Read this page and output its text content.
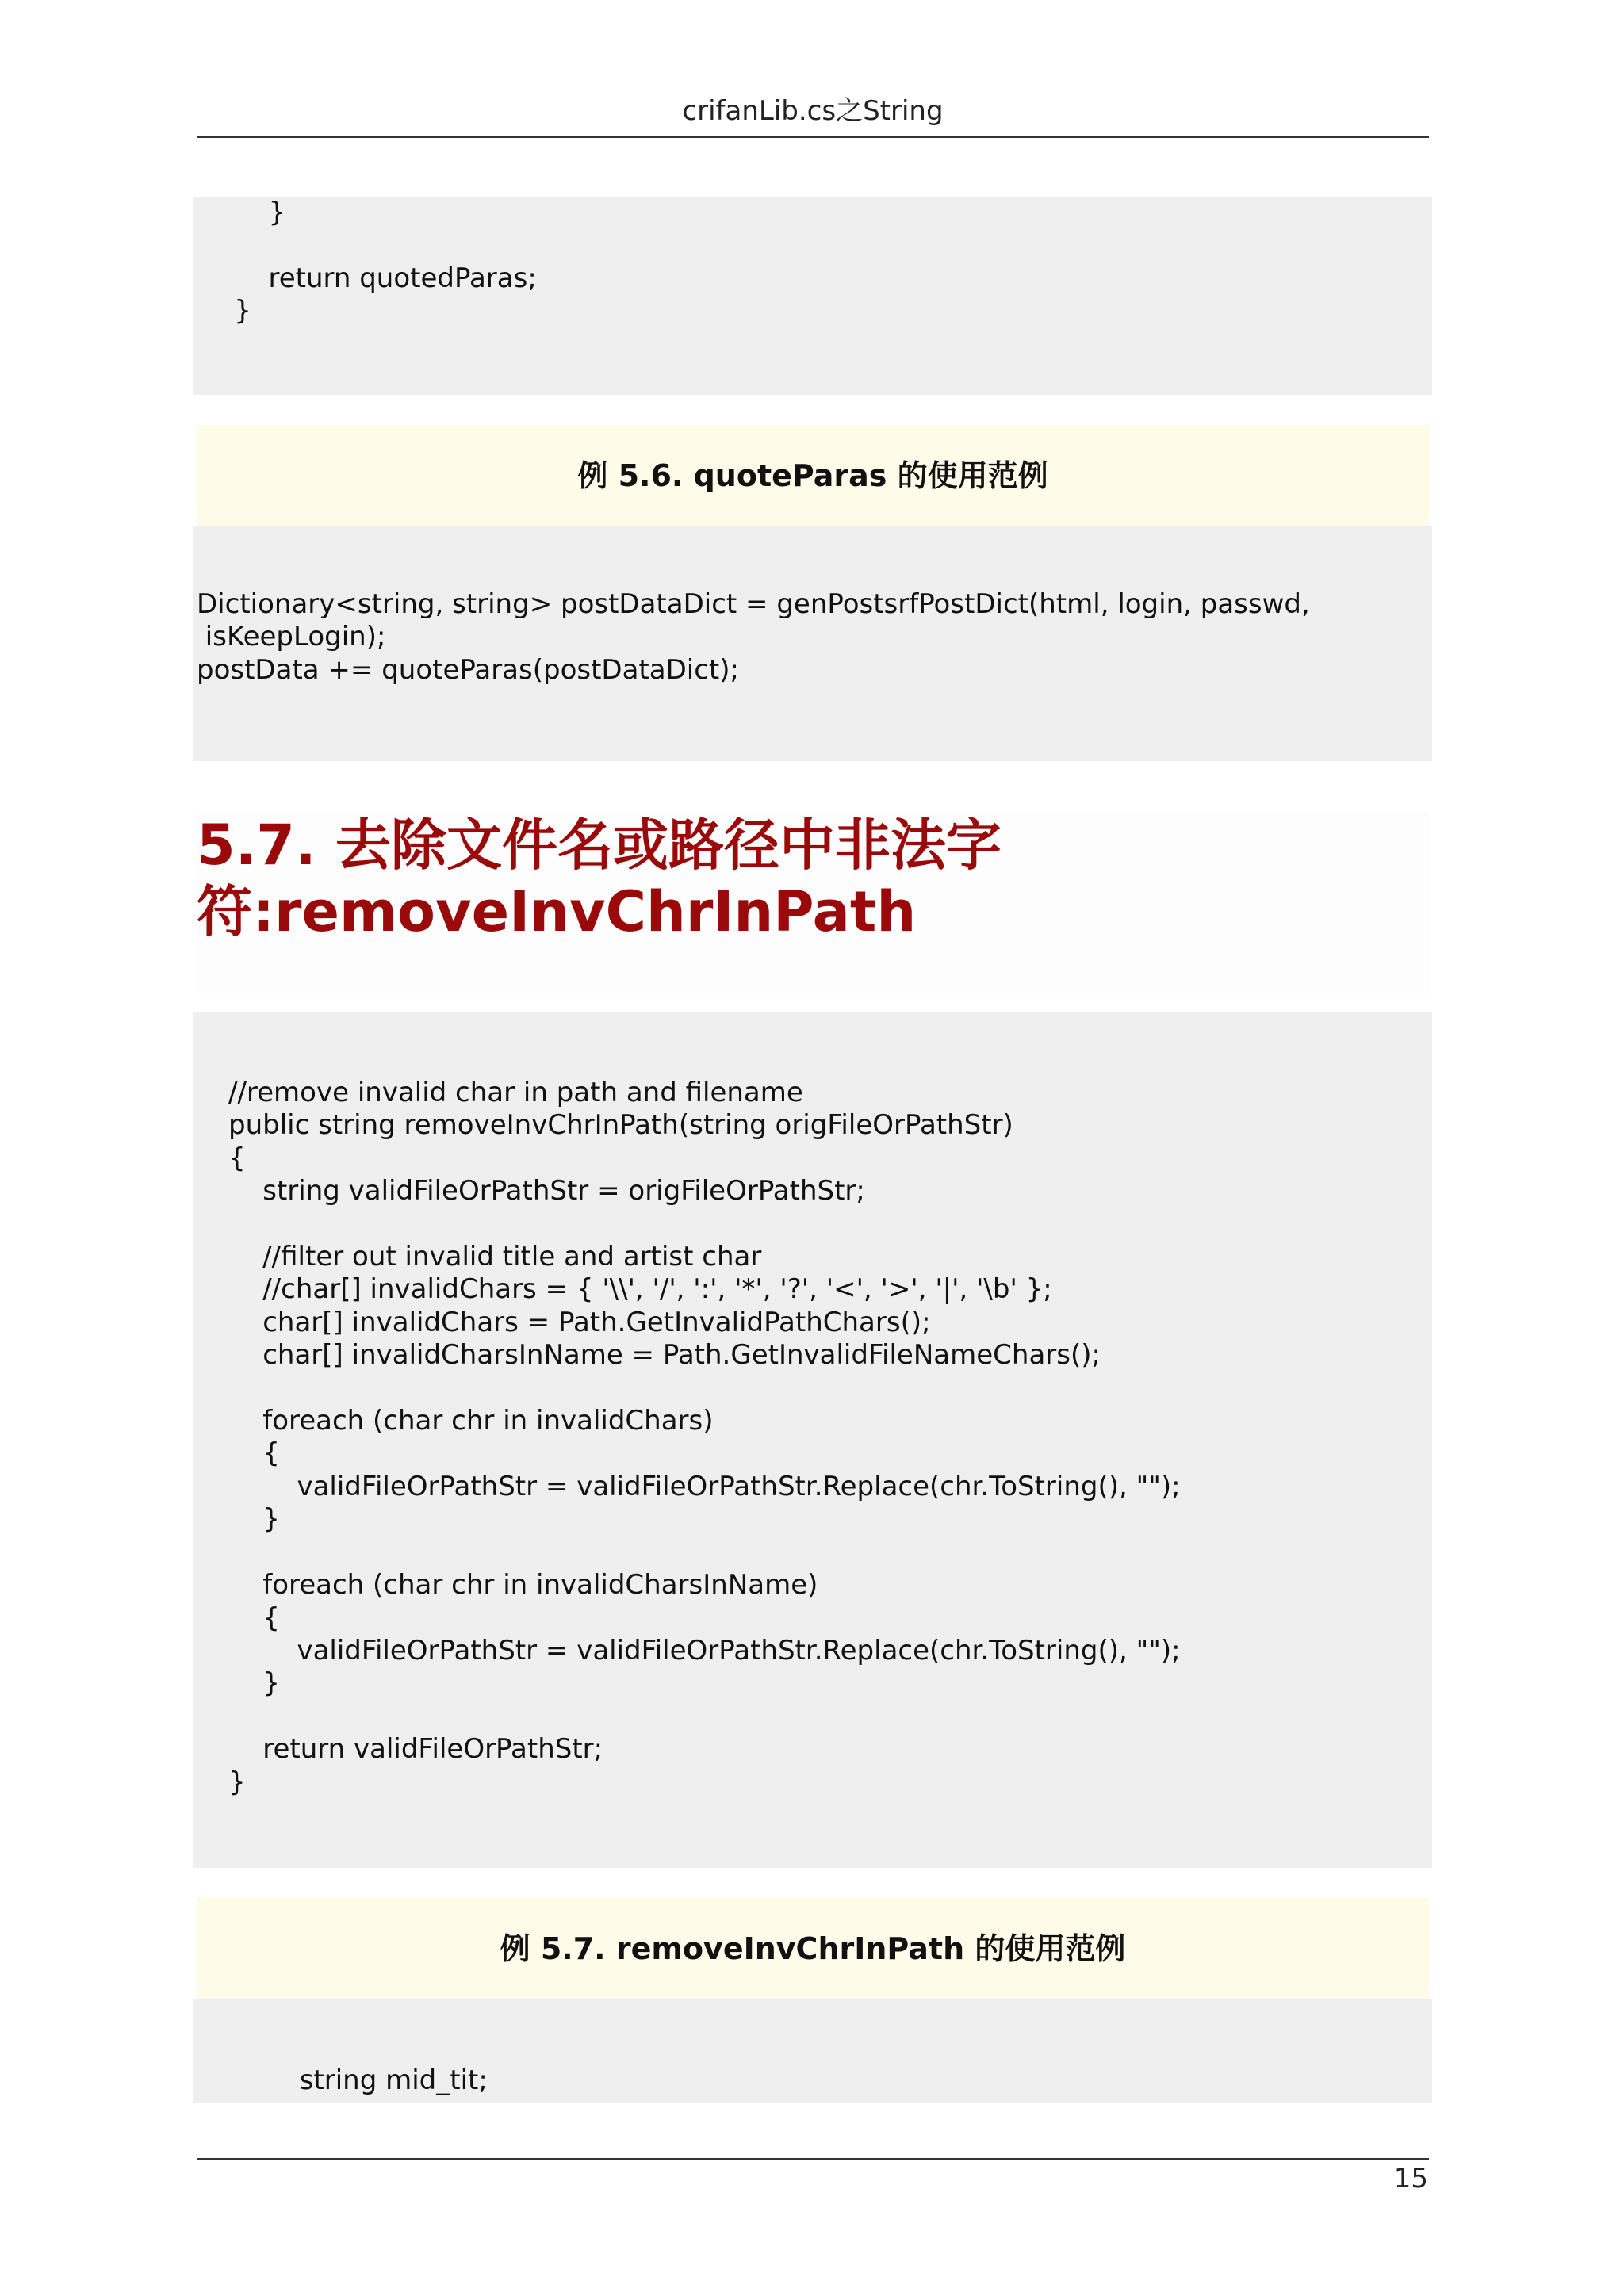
crifanLib.cs之String
}

return quotedParas;
}
例 5.6. quoteParas 的使用范例
Dictionary<string, string> postDataDict = genPostsrfPostDict(html, login, passwd,
isKeepLogin);
postData += quoteParas(postDataDict);
5.7. 去除文件名或路径中非法字
符:removeInvChrInPath
//remove invalid char in path and filename
public string removeInvChrInPath(string origFileOrPathStr)
{
string validFileOrPathStr = origFileOrPathStr;

//filter out invalid title and artist char
//char[] invalidChars = { '\\', '/', ':', '*', '?', '<', '>', '|', '\b' };
char[] invalidChars = Path.GetInvalidPathChars();
char[] invalidCharsInName = Path.GetInvalidFileNameChars();

foreach (char chr in invalidChars)
{
validFileOrPathStr = validFileOrPathStr.Replace(chr.ToString(), "");
}

foreach (char chr in invalidCharsInName)
{
validFileOrPathStr = validFileOrPathStr.Replace(chr.ToString(), "");
}

return validFileOrPathStr;
}
例 5.7. removeInvChrInPath 的使用范例
string mid_tit;
15
